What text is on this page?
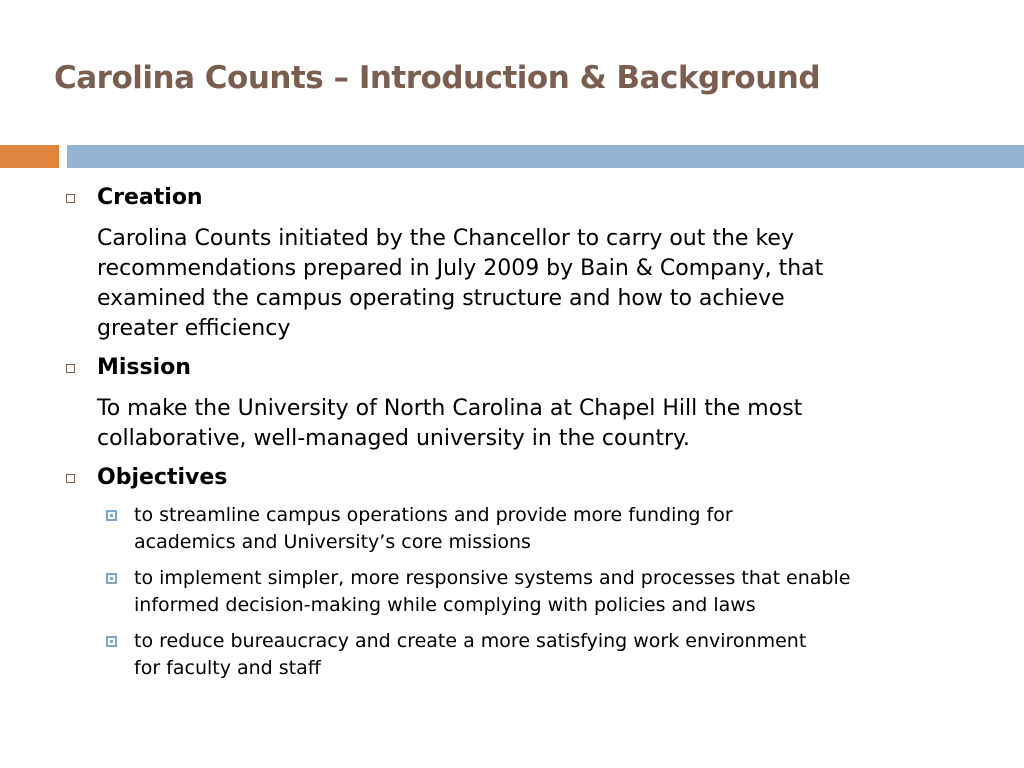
Carolina Counts – Introduction & Background
Creation
Carolina Counts initiated by the Chancellor to carry out the key
recommendations prepared in July 2009 by Bain & Company, that
examined the campus operating structure and how to achieve
greater efficiency
Mission
To make the University of North Carolina at Chapel Hill the most
collaborative, well-managed university in the country.
Objectives
to streamline campus operations and provide more funding for
academics and University’s core missions
to implement simpler, more responsive systems and processes that enable
informed decision-making while complying with policies and laws
to reduce bureaucracy and create a more satisfying work environment
for faculty and staff
